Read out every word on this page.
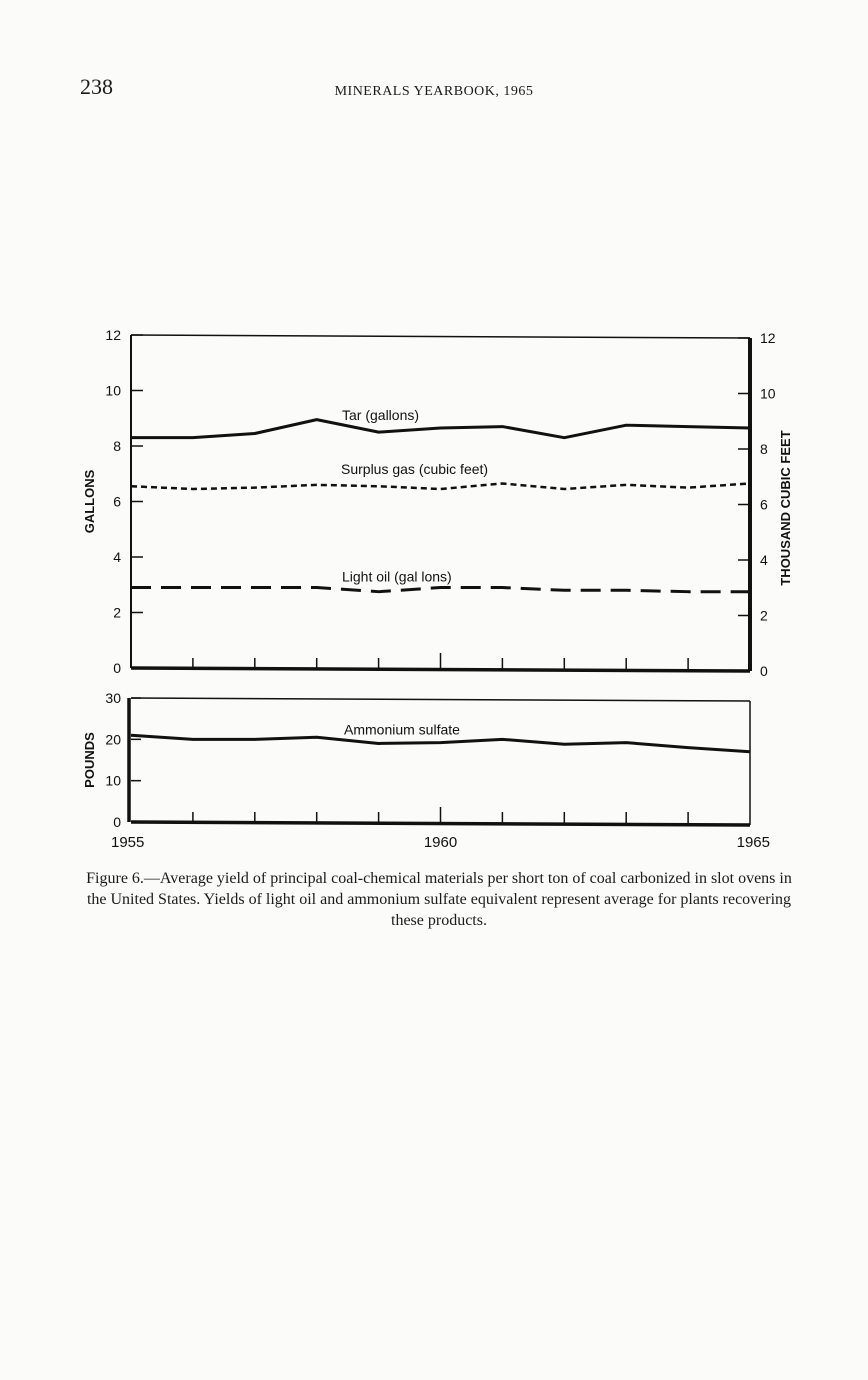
238	MINERALS YEARBOOK, 1965
0
2
4
6
8
10
12
0
2
4
6
8
10
12
GALLONS	THOUSAND CUBIC FEET
Tar (gallons)
Surplus gas (cubic feet)
Light oil (gal lons)
0
10
20
30
POUNDS
Ammonium sulfate
1955	1960	1965
Figure 6.—Average yield of principal coal-chemical materials per short ton of coal carbonized in slot ovens in the United States. Yields of light oil and ammonium sulfate equivalent represent average for plants recovering these products.
